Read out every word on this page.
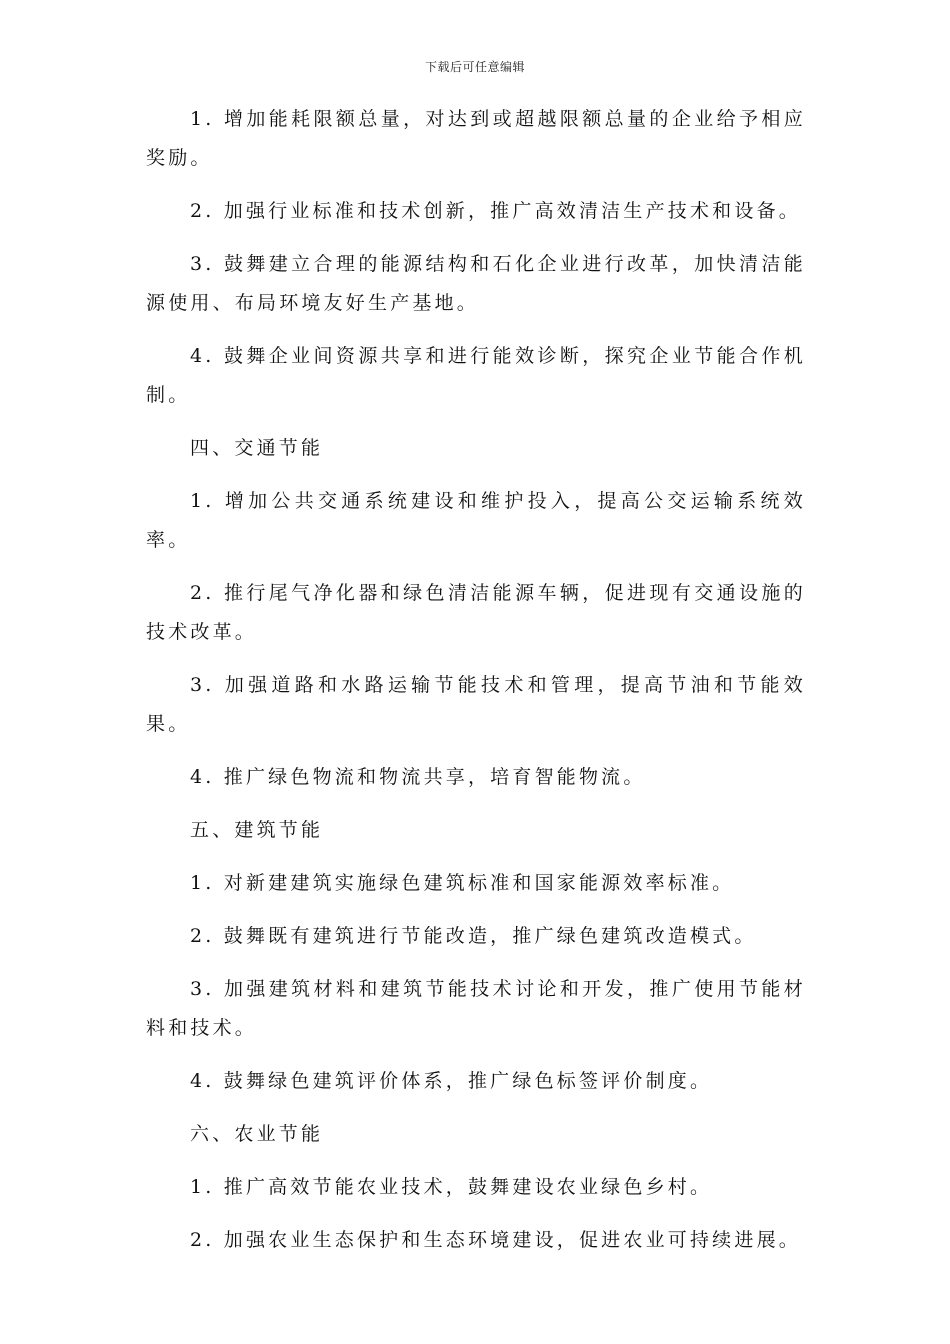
下载后可任意编辑

1. 增加能耗限额总量，对达到或超越限额总量的企业给予相应奖励。

2. 加强行业标准和技术创新，推广高效清洁生产技术和设备。

3. 鼓舞建立合理的能源结构和石化企业进行改革，加快清洁能源使用、布局环境友好生产基地。

4. 鼓舞企业间资源共享和进行能效诊断，探究企业节能合作机制。

四、交通节能

1. 增加公共交通系统建设和维护投入，提高公交运输系统效率。

2. 推行尾气净化器和绿色清洁能源车辆，促进现有交通设施的技术改革。

3. 加强道路和水路运输节能技术和管理，提高节油和节能效果。

4. 推广绿色物流和物流共享，培育智能物流。

五、建筑节能

1. 对新建建筑实施绿色建筑标准和国家能源效率标准。

2. 鼓舞既有建筑进行节能改造，推广绿色建筑改造模式。

3. 加强建筑材料和建筑节能技术讨论和开发，推广使用节能材料和技术。

4. 鼓舞绿色建筑评价体系，推广绿色标签评价制度。

六、农业节能

1. 推广高效节能农业技术，鼓舞建设农业绿色乡村。

2. 加强农业生态保护和生态环境建设，促进农业可持续进展。
